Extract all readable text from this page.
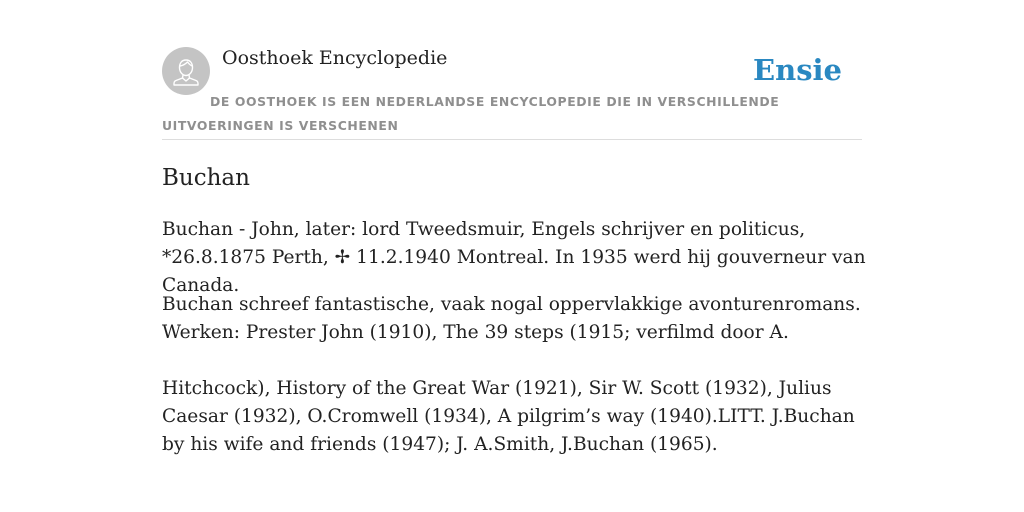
Oosthoek Encyclopedie	Ensie
DE OOSTHOEK IS EEN NEDERLANDSE ENCYCLOPEDIE DIE IN VERSCHILLENDE UITVOERINGEN IS VERSCHENEN
Buchan

Buchan - John, later: lord Tweedsmuir, Engels schrijver en politicus, *26.8.1875 Perth, ✢ 11.2.1940 Montreal. In 1935 werd hij gouverneur van Canada.

Buchan schreef fantastische, vaak nogal oppervlakkige avonturenromans. Werken: Prester John (1910), The 39 steps (1915; verfilmd door A.

Hitchcock), History of the Great War (1921), Sir W. Scott (1932), Julius Caesar (1932), O.Cromwell (1934), A pilgrim’s way (1940).LITT. J.Buchan by his wife and friends (1947); J. A.Smith, J.Buchan (1965).
